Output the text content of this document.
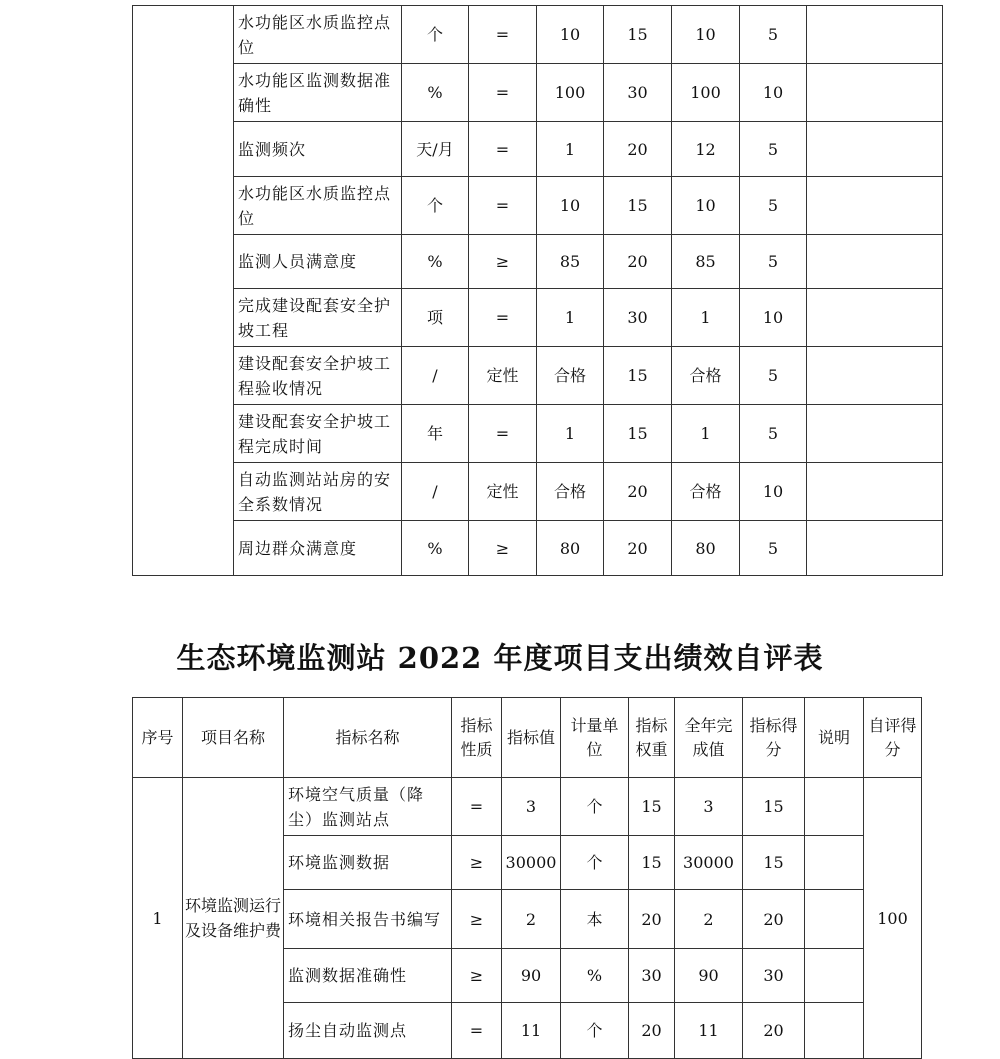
	水功能区水质监控点位	个	=	10	15	10	5	
	水功能区监测数据准确性	%	=	100	30	100	10	
	监测频次	天/月	=	1	20	12	5	
	水功能区水质监控点位	个	=	10	15	10	5	
	监测人员满意度	%	≥	85	20	85	5	
	完成建设配套安全护坡工程	项	=	1	30	1	10	
	建设配套安全护坡工程验收情况	/	定性	合格	15	合格	5	
	建设配套安全护坡工程完成时间	年	=	1	15	1	5	
	自动监测站站房的安全系数情况	/	定性	合格	20	合格	10	
	周边群众满意度	%	≥	80	20	80	5	
生态环境监测站 2022 年度项目支出绩效自评表
序号	项目名称	指标名称	指标性质	指标值	计量单位	指标权重	全年完成值	指标得分	说明	自评得分
1	环境监测运行及设备维护费	环境空气质量（降尘）监测站点	=	3	个	15	3	15		100
		环境监测数据	≥	30000	个	15	30000	15		
		环境相关报告书编写	≥	2	本	20	2	20		
		监测数据准确性	≥	90	%	30	90	30		
		扬尘自动监测点	=	11	个	20	11	20		
